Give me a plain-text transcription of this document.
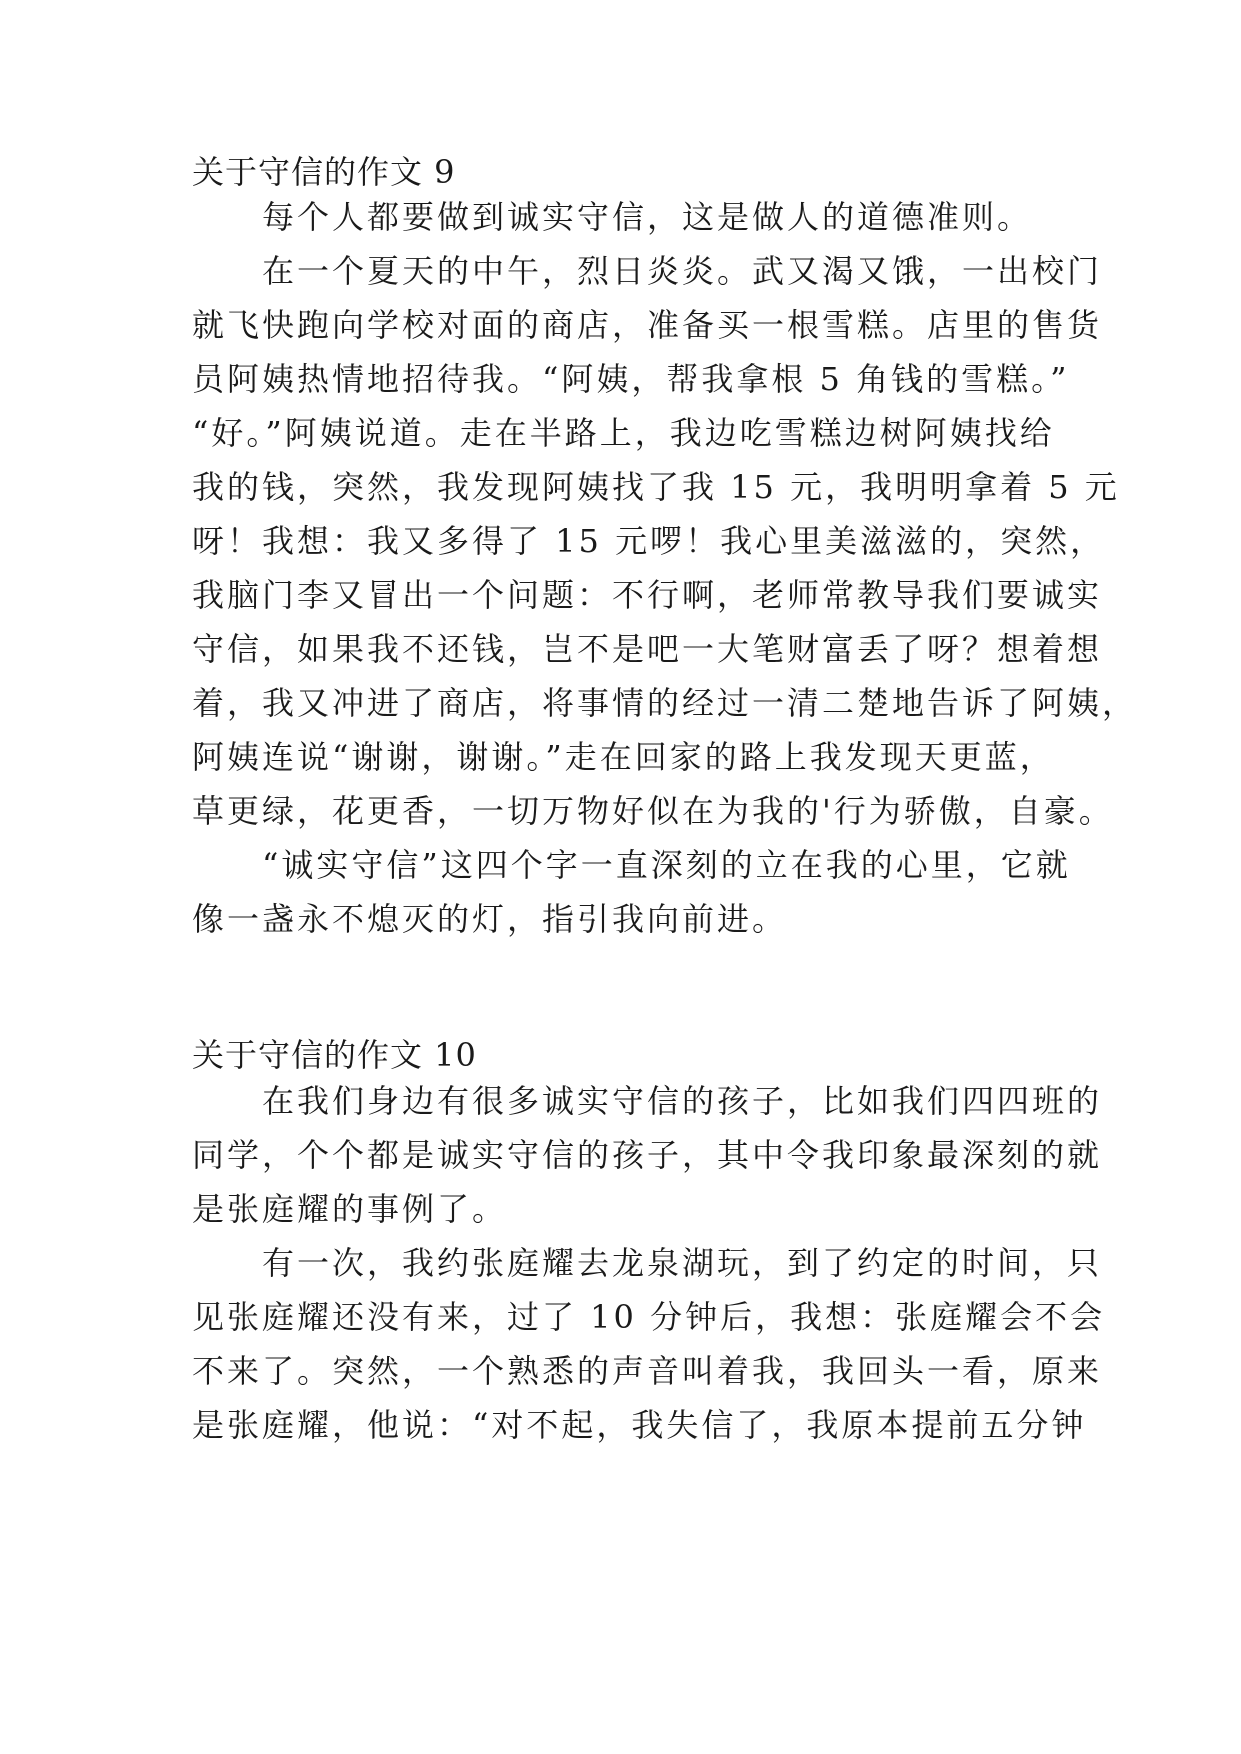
关于守信的作文 9
　　每个人都要做到诚实守信，这是做人的道德准则。
　　在一个夏天的中午，烈日炎炎。武又渴又饿，一出校门
就飞快跑向学校对面的商店，准备买一根雪糕。店里的售货
员阿姨热情地招待我。“阿姨，帮我拿根 5 角钱的雪糕。”
“好。”阿姨说道。走在半路上，我边吃雪糕边树阿姨找给
我的钱，突然，我发现阿姨找了我 15 元，我明明拿着 5 元
呀！我想：我又多得了 15 元啰！我心里美滋滋的，突然，
我脑门李又冒出一个问题：不行啊，老师常教导我们要诚实
守信，如果我不还钱，岂不是吧一大笔财富丢了呀？想着想
着，我又冲进了商店，将事情的经过一清二楚地告诉了阿姨，
阿姨连说“谢谢，谢谢。”走在回家的路上我发现天更蓝，
草更绿，花更香，一切万物好似在为我的'行为骄傲，自豪。
　　“诚实守信”这四个字一直深刻的立在我的心里，它就
像一盏永不熄灭的灯，指引我向前进。
关于守信的作文 10
　　在我们身边有很多诚实守信的孩子，比如我们四四班的
同学，个个都是诚实守信的孩子，其中令我印象最深刻的就
是张庭耀的事例了。
　　有一次，我约张庭耀去龙泉湖玩，到了约定的时间，只
见张庭耀还没有来，过了 10 分钟后，我想：张庭耀会不会
不来了。突然，一个熟悉的声音叫着我，我回头一看，原来
是张庭耀，他说：“对不起，我失信了，我原本提前五分钟
